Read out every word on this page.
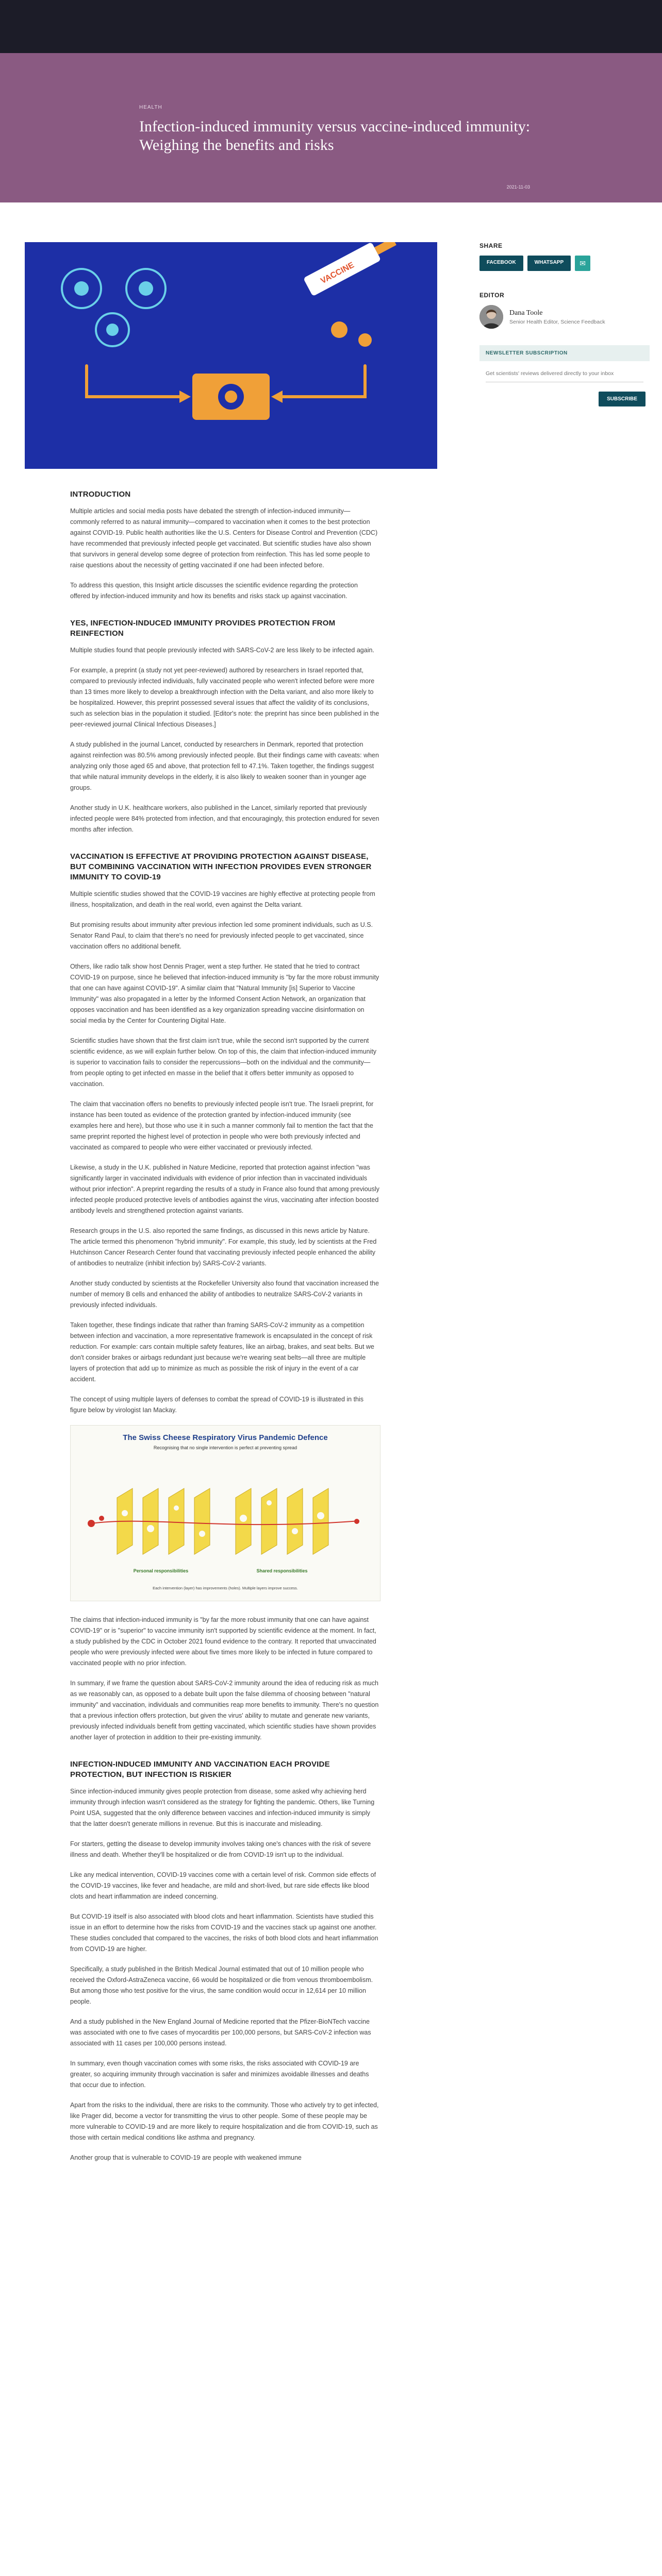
HEALTH
Infection-induced immunity versus vaccine-induced immunity: Weighing the benefits and risks
2021-11-03
VACCINE
INTRODUCTION

Multiple articles and social media posts have debated the strength of infection-induced immunity—commonly referred to as natural immunity—compared to vaccination when it comes to the best protection against COVID-19. Public health authorities like the U.S. Centers for Disease Control and Prevention (CDC) have recommended that previously infected people get vaccinated. But scientific studies have also shown that survivors in general develop some degree of protection from reinfection. This has led some people to raise questions about the necessity of getting vaccinated if one had been infected before.

To address this question, this Insight article discusses the scientific evidence regarding the protection offered by infection-induced immunity and how its benefits and risks stack up against vaccination.

YES, INFECTION-INDUCED IMMUNITY PROVIDES PROTECTION FROM REINFECTION

Multiple studies found that people previously infected with SARS-CoV-2 are less likely to be infected again.

For example, a preprint (a study not yet peer-reviewed) authored by researchers in Israel reported that, compared to previously infected individuals, fully vaccinated people who weren't infected before were more than 13 times more likely to develop a breakthrough infection with the Delta variant, and also more likely to be hospitalized. However, this preprint possessed several issues that affect the validity of its conclusions, such as selection bias in the population it studied. [Editor's note: the preprint has since been published in the peer-reviewed journal Clinical Infectious Diseases.]

A study published in the journal Lancet, conducted by researchers in Denmark, reported that protection against reinfection was 80.5% among previously infected people. But their findings came with caveats: when analyzing only those aged 65 and above, that protection fell to 47.1%. Taken together, the findings suggest that while natural immunity develops in the elderly, it is also likely to weaken sooner than in younger age groups.

Another study in U.K. healthcare workers, also published in the Lancet, similarly reported that previously infected people were 84% protected from infection, and that encouragingly, this protection endured for seven months after infection.

VACCINATION IS EFFECTIVE AT PROVIDING PROTECTION AGAINST DISEASE, BUT COMBINING VACCINATION WITH INFECTION PROVIDES EVEN STRONGER IMMUNITY TO COVID-19

Multiple scientific studies showed that the COVID-19 vaccines are highly effective at protecting people from illness, hospitalization, and death in the real world, even against the Delta variant.

But promising results about immunity after previous infection led some prominent individuals, such as U.S. Senator Rand Paul, to claim that there's no need for previously infected people to get vaccinated, since vaccination offers no additional benefit.

Others, like radio talk show host Dennis Prager, went a step further. He stated that he tried to contract COVID-19 on purpose, since he believed that infection-induced immunity is "by far the more robust immunity that one can have against COVID-19". A similar claim that "Natural Immunity [is] Superior to Vaccine Immunity" was also propagated in a letter by the Informed Consent Action Network, an organization that opposes vaccination and has been identified as a key organization spreading vaccine disinformation on social media by the Center for Countering Digital Hate.

Scientific studies have shown that the first claim isn't true, while the second isn't supported by the current scientific evidence, as we will explain further below. On top of this, the claim that infection-induced immunity is superior to vaccination fails to consider the repercussions—both on the individual and the community—from people opting to get infected en masse in the belief that it offers better immunity as opposed to vaccination.

The claim that vaccination offers no benefits to previously infected people isn't true. The Israeli preprint, for instance has been touted as evidence of the protection granted by infection-induced immunity (see examples here and here), but those who use it in such a manner commonly fail to mention the fact that the same preprint reported the highest level of protection in people who were both previously infected and vaccinated as compared to people who were either vaccinated or previously infected.

Likewise, a study in the U.K. published in Nature Medicine, reported that protection against infection "was significantly larger in vaccinated individuals with evidence of prior infection than in vaccinated individuals without prior infection". A preprint regarding the results of a study in France also found that among previously infected people produced protective levels of antibodies against the virus, vaccinating after infection boosted antibody levels and strengthened protection against variants.

Research groups in the U.S. also reported the same findings, as discussed in this news article by Nature. The article termed this phenomenon "hybrid immunity". For example, this study, led by scientists at the Fred Hutchinson Cancer Research Center found that vaccinating previously infected people enhanced the ability of antibodies to neutralize (inhibit infection by) SARS-CoV-2 variants.

Another study conducted by scientists at the Rockefeller University also found that vaccination increased the number of memory B cells and enhanced the ability of antibodies to neutralize SARS-CoV-2 variants in previously infected individuals.

Taken together, these findings indicate that rather than framing SARS-CoV-2 immunity as a competition between infection and vaccination, a more representative framework is encapsulated in the concept of risk reduction. For example: cars contain multiple safety features, like an airbag, brakes, and seat belts. But we don't consider brakes or airbags redundant just because we're wearing seat belts—all three are multiple layers of protection that add up to minimize as much as possible the risk of injury in the event of a car accident.

The concept of using multiple layers of defenses to combat the spread of COVID-19 is illustrated in this figure below by virologist Ian Mackay.

The Swiss Cheese Respiratory Virus Pandemic Defence
Recognising that no single intervention is perfect at preventing spread
Personal responsibilities	Shared responsibilities
Each intervention (layer) has improvements (holes). Multiple layers improve success.

The claims that infection-induced immunity is "by far the more robust immunity that one can have against COVID-19" or is "superior" to vaccine immunity isn't supported by scientific evidence at the moment. In fact, a study published by the CDC in October 2021 found evidence to the contrary. It reported that unvaccinated people who were previously infected were about five times more likely to be infected in future compared to vaccinated people with no prior infection.

In summary, if we frame the question about SARS-CoV-2 immunity around the idea of reducing risk as much as we reasonably can, as opposed to a debate built upon the false dilemma of choosing between "natural immunity" and vaccination, individuals and communities reap more benefits to immunity. There's no question that a previous infection offers protection, but given the virus' ability to mutate and generate new variants, previously infected individuals benefit from getting vaccinated, which scientific studies have shown provides another layer of protection in addition to their pre-existing immunity.

INFECTION-INDUCED IMMUNITY AND VACCINATION EACH PROVIDE PROTECTION, BUT INFECTION IS RISKIER

Since infection-induced immunity gives people protection from disease, some asked why achieving herd immunity through infection wasn't considered as the strategy for fighting the pandemic. Others, like Turning Point USA, suggested that the only difference between vaccines and infection-induced immunity is simply that the latter doesn't generate millions in revenue. But this is inaccurate and misleading.

For starters, getting the disease to develop immunity involves taking one's chances with the risk of severe illness and death. Whether they'll be hospitalized or die from COVID-19 isn't up to the individual.

Like any medical intervention, COVID-19 vaccines come with a certain level of risk. Common side effects of the COVID-19 vaccines, like fever and headache, are mild and short-lived, but rare side effects like blood clots and heart inflammation are indeed concerning.

But COVID-19 itself is also associated with blood clots and heart inflammation. Scientists have studied this issue in an effort to determine how the risks from COVID-19 and the vaccines stack up against one another. These studies concluded that compared to the vaccines, the risks of both blood clots and heart inflammation from COVID-19 are higher.

Specifically, a study published in the British Medical Journal estimated that out of 10 million people who received the Oxford-AstraZeneca vaccine, 66 would be hospitalized or die from venous thromboembolism. But among those who test positive for the virus, the same condition would occur in 12,614 per 10 million people.

And a study published in the New England Journal of Medicine reported that the Pfizer-BioNTech vaccine was associated with one to five cases of myocarditis per 100,000 persons, but SARS-CoV-2 infection was associated with 11 cases per 100,000 persons instead.

In summary, even though vaccination comes with some risks, the risks associated with COVID-19 are greater, so acquiring immunity through vaccination is safer and minimizes avoidable illnesses and deaths that occur due to infection.

Apart from the risks to the individual, there are risks to the community. Those who actively try to get infected, like Prager did, become a vector for transmitting the virus to other people. Some of these people may be more vulnerable to COVID-19 and are more likely to require hospitalization and die from COVID-19, such as those with certain medical conditions like asthma and pregnancy.

Another group that is vulnerable to COVID-19 are people with weakened immune

SHARE
FACEBOOK	WHATSAPP	✉
EDITOR
Dana Toole
Senior Health Editor, Science Feedback
NEWSLETTER SUBSCRIPTION
Get scientists' reviews delivered directly to your inbox
SUBSCRIBE
